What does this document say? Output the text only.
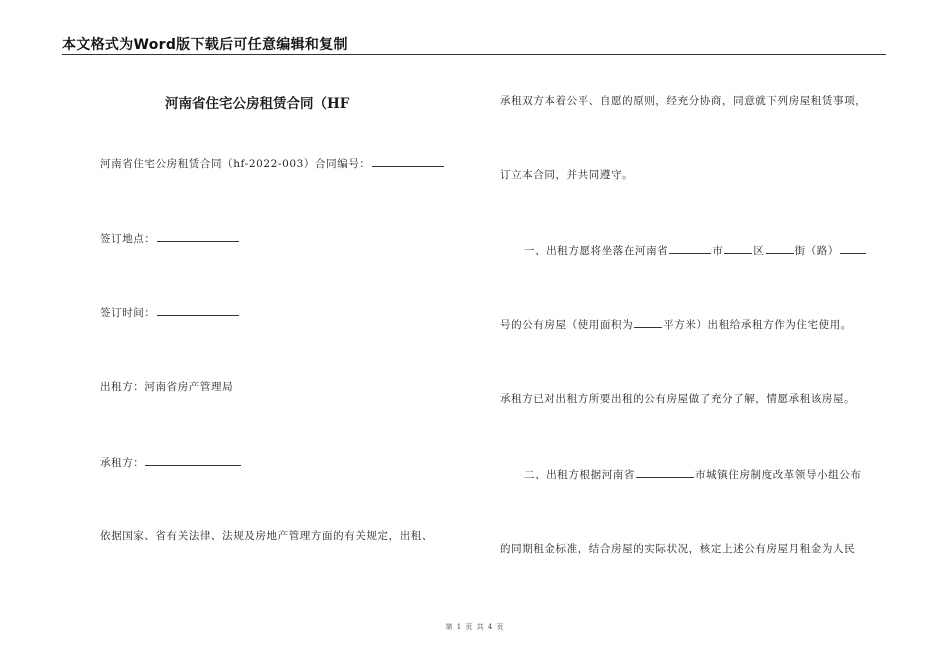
本文格式为Word版下载后可任意编辑和复制
河南省住宅公房租赁合同（HF
河南省住宅公房租赁合同（hf-2022-003）合同编号：
签订地点：
签订时间：
出租方：河南省房产管理局
承租方：
依据国家、省有关法律、法规及房地产管理方面的有关规定，出租、
承租双方本着公平、自愿的原则，经充分协商，同意就下列房屋租赁事项，
订立本合同，并共同遵守。
一、出租方愿将坐落在河南省	市	区	街（路）
号的公有房屋（使用面积为	平方米）出租给承租方作为住宅使用。
承租方已对出租方所要出租的公有房屋做了充分了解，情愿承租该房屋。
二、出租方根据河南省	市城镇住房制度改革领导小组公布
的同期租金标准，结合房屋的实际状况，核定上述公有房屋月租金为人民
第 1 页 共 4 页
